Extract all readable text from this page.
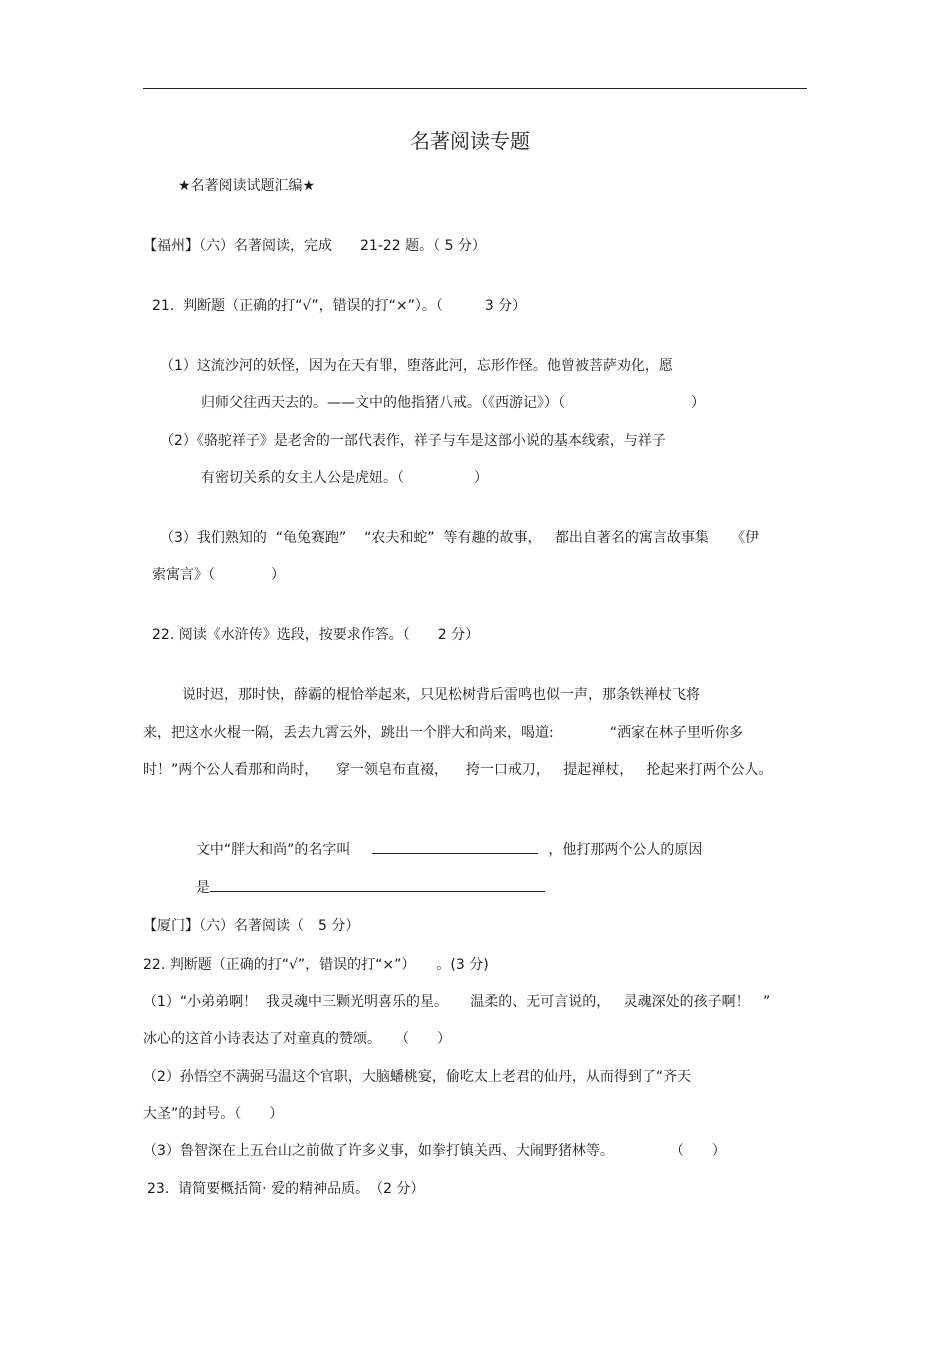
名著阅读专题
★名著阅读试题汇编★
【福州】（六）名著阅读，完成　　21-22 题。（ 5 分）
21.  判断题（正确的打“√”，错误的打“×”）。（　　　3 分）
（1）这流沙河的妖怪，因为在天有罪，堕落此河，忘形作怪。他曾被菩萨劝化，愿
归师父往西天去的。——文中的他指猪八戒。（《西游记》）（　　　　　　　　　）
（2）《骆驼祥子》是老舍的一部代表作，祥子与车是这部小说的基本线索，与祥子
有密切关系的女主人公是虎妞。（　　　　　）
（3）我们熟知的  “龟兔赛跑”    “农夫和蛇”  等有趣的故事，   都出自著名的寓言故事集     《伊
索寓言》（　　　　）
22. 阅读《水浒传》选段，按要求作答。（　　2 分）
说时迟，那时快，薛霸的棍恰举起来，只见松树背后雷鸣也似一声，那条铁禅杖飞将
来，把这水火棍一隔，丢去九霄云外，跳出一个胖大和尚来，喝道:　　　　“洒家在林子里听你多
时！”两个公人看那和尚时，    穿一领皂布直裰，    挎一口戒刀，   提起禅杖，   抡起来打两个公人。

文中“胖大和尚”的名字叫	，他打那两个公人的原因

是

【厦门】（六）名著阅读（　5 分）
22. 判断题（正确的打“√”，错误的打“×”）　　。(3 分)
（1）“小弟弟啊！  我灵魂中三颗光明喜乐的星。     温柔的、无可言说的，   灵魂深处的孩子啊！   ”
冰心的这首小诗表达了对童真的赞颂。　　（　　）
（2）孙悟空不满弼马温这个官职，大脑蟠桃宴，偷吃太上老君的仙丹，从而得到了“齐天
大圣”的封号。（　　）
（3）鲁智深在上五台山之前做了许多义事，如拳打镇关西、大闹野猪林等。　　　　　（　　）
23.  请简要概括简· 爱的精神品质。　（2 分）
